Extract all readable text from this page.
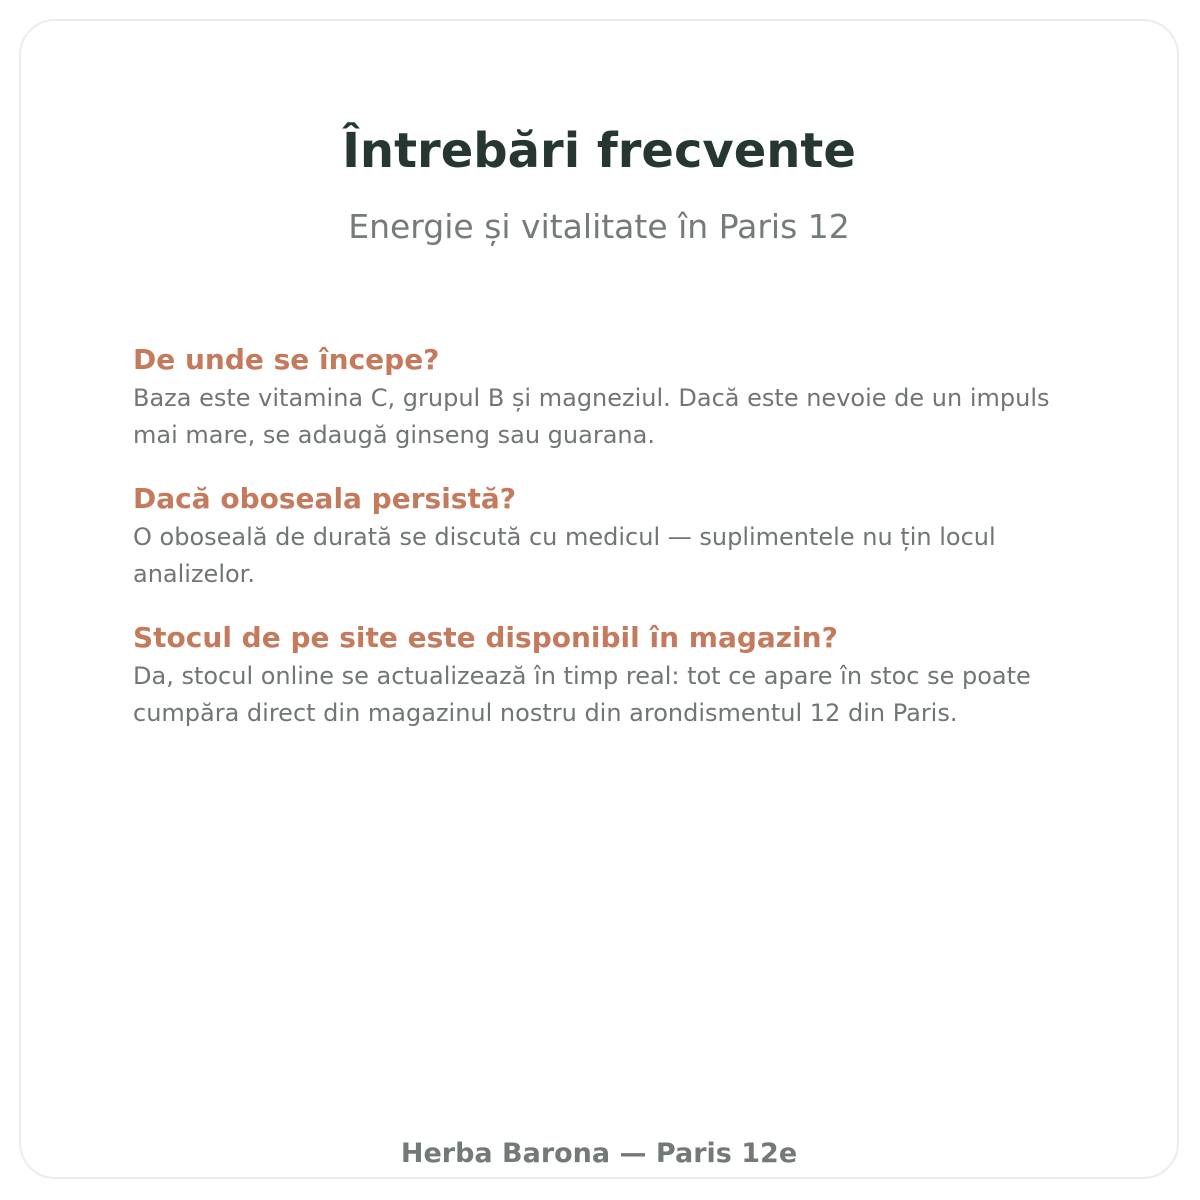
Întrebări frecvente

Energie și vitalitate în Paris 12

De unde se începe?

Baza este vitamina C, grupul B și magneziul. Dacă este nevoie de un impuls mai mare, se adaugă ginseng sau guarana.

Dacă oboseala persistă?

O oboseală de durată se discută cu medicul — suplimentele nu țin locul analizelor.

Stocul de pe site este disponibil în magazin?

Da, stocul online se actualizează în timp real: tot ce apare în stoc se poate cumpăra direct din magazinul nostru din arondismentul 12 din Paris.

Herba Barona — Paris 12e
